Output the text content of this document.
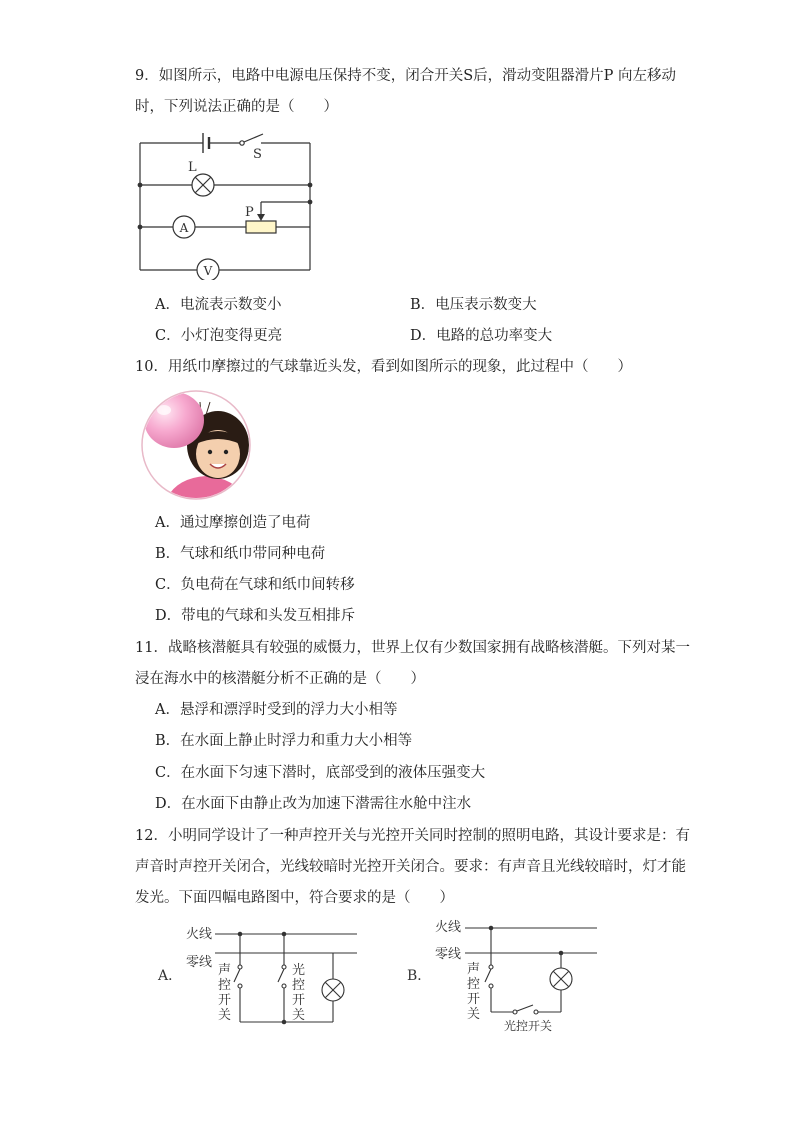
9．如图所示，电路中电源电压保持不变，闭合开关S后，滑动变阻器滑片P 向左移动
时，下列说法正确的是（　　）
S
L
P
A
V
A．电流表示数变小	B．电压表示数变大
C．小灯泡变得更亮	D．电路的总功率变大
10．用纸巾摩擦过的气球靠近头发，看到如图所示的现象，此过程中（　　）
A．通过摩擦创造了电荷
B．气球和纸巾带同种电荷
C．负电荷在气球和纸巾间转移
D．带电的气球和头发互相排斥
11．战略核潜艇具有较强的威慑力，世界上仅有少数国家拥有战略核潜艇。下列对某一
浸在海水中的核潜艇分析不正确的是（　　）
A．悬浮和漂浮时受到的浮力大小相等
B．在水面上静止时浮力和重力大小相等
C．在水面下匀速下潜时，底部受到的液体压强变大
D．在水面下由静止改为加速下潜需往水舱中注水
12．小明同学设计了一种声控开关与光控开关同时控制的照明电路，其设计要求是：有
声音时声控开关闭合，光线较暗时光控开关闭合。要求：有声音且光线较暗时，灯才能
发光。下面四幅电路图中，符合要求的是（　　）
火线
零线
A．	声
控
开
关
光
控
开
关
火线
零线
B．	声
控
开
关
光控开关
